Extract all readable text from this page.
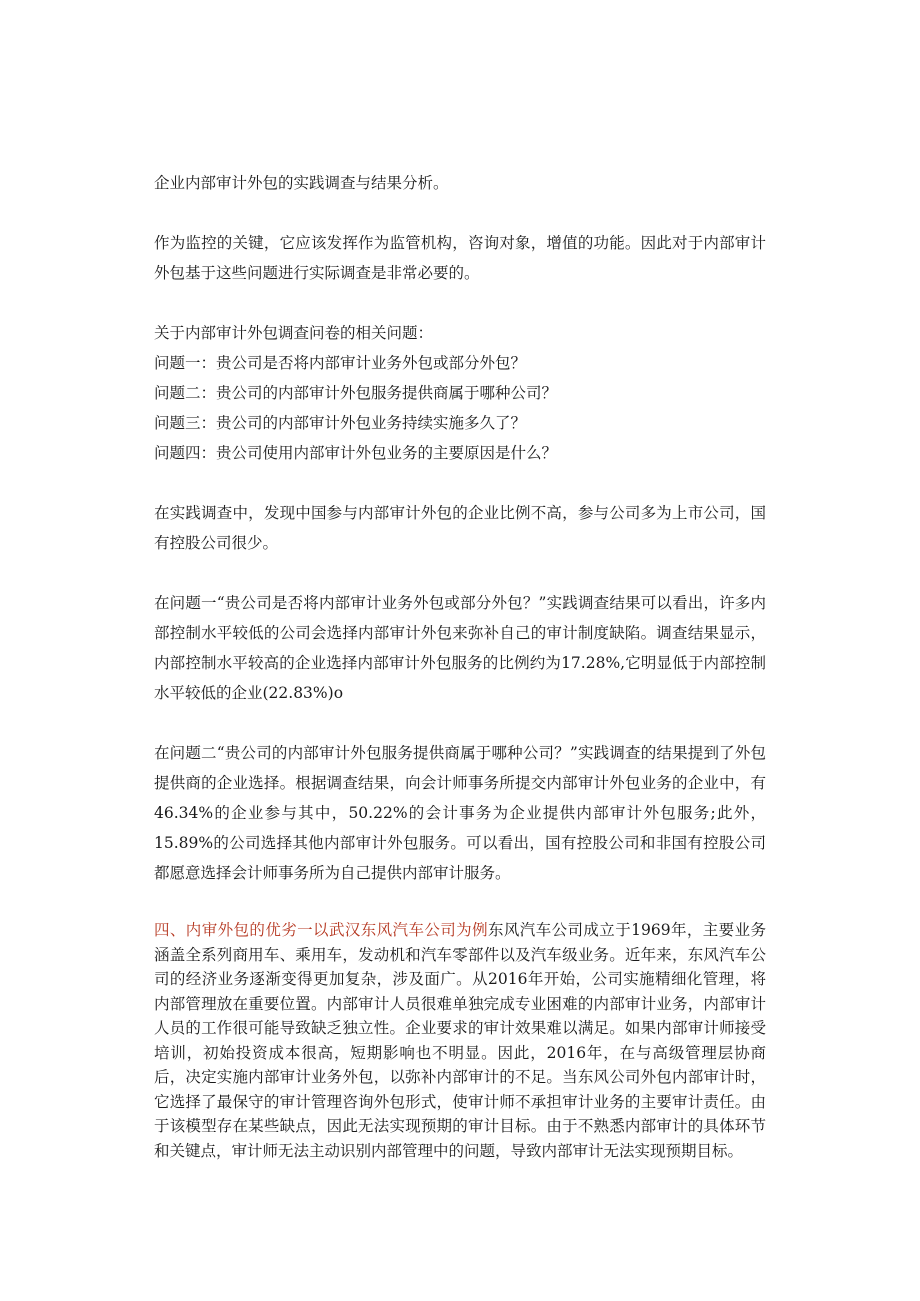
企业内部审计外包的实践调查与结果分析。

作为监控的关键，它应该发挥作为监管机构，咨询对象，增值的功能。因此对于内部审计外包基于这些问题进行实际调查是非常必要的。

关于内部审计外包调查问卷的相关问题：

问题一：贵公司是否将内部审计业务外包或部分外包？

问题二：贵公司的内部审计外包服务提供商属于哪种公司？

问题三：贵公司的内部审计外包业务持续实施多久了？

问题四：贵公司使用内部审计外包业务的主要原因是什么？

在实践调查中，发现中国参与内部审计外包的企业比例不高，参与公司多为上市公司，国有控股公司很少。

在问题一“贵公司是否将内部审计业务外包或部分外包？”实践调查结果可以看出，许多内部控制水平较低的公司会选择内部审计外包来弥补自己的审计制度缺陷。调查结果显示，内部控制水平较高的企业选择内部审计外包服务的比例约为17.28%,它明显低于内部控制水平较低的企业(22.83%)o

在问题二“贵公司的内部审计外包服务提供商属于哪种公司？”实践调查的结果提到了外包提供商的企业选择。根据调查结果，向会计师事务所提交内部审计外包业务的企业中，有46.34%的企业参与其中，50.22%的会计事务为企业提供内部审计外包服务;此外，15.89%的公司选择其他内部审计外包服务。可以看出，国有控股公司和非国有控股公司都愿意选择会计师事务所为自己提供内部审计服务。

四、内审外包的优劣一以武汉东风汽车公司为例东风汽车公司成立于1969年，主要业务涵盖全系列商用车、乘用车，发动机和汽车零部件以及汽车级业务。近年来，东风汽车公司的经济业务逐渐变得更加复杂，涉及面广。从2016年开始，公司实施精细化管理，将内部管理放在重要位置。内部审计人员很难单独完成专业困难的内部审计业务，内部审计人员的工作很可能导致缺乏独立性。企业要求的审计效果难以满足。如果内部审计师接受培训，初始投资成本很高，短期影响也不明显。因此，2016年，在与高级管理层协商后，决定实施内部审计业务外包，以弥补内部审计的不足。当东风公司外包内部审计时，它选择了最保守的审计管理咨询外包形式，使审计师不承担审计业务的主要审计责任。由于该模型存在某些缺点，因此无法实现预期的审计目标。由于不熟悉内部审计的具体环节和关键点，审计师无法主动识别内部管理中的问题，导致内部审计无法实现预期目标。
